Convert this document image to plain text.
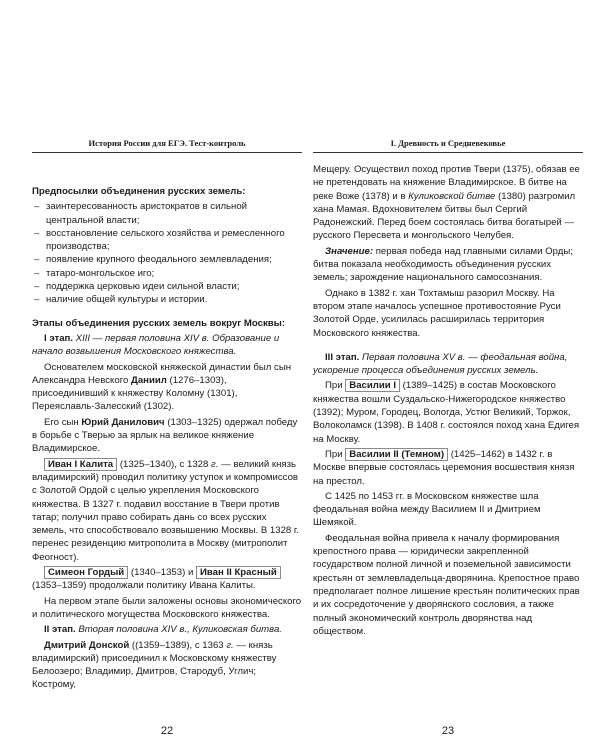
История России для ЕГЭ. Тест-контроль

Предпосылки объединения русских земель:

– заинтересованность аристократов в сильной центральной власти;
– восстановление сельского хозяйства и ремесленного производства;
– появление крупного феодального землевладения;
– татаро-монгольское иго;
– поддержка церковью идеи сильной власти;
– наличие общей культуры и истории.

Этапы объединения русских земель вокруг Москвы:

I этап. XIII — первая половина XIV в. Образование и начало возвышения Московского княжества.

Основателем московской княжеской династии был сын Александра Невского Даниил (1276–1303), присоединивший к княжеству Коломну (1301), Переяславль-Залесский (1302).

Его сын Юрий Данилович (1303–1325) одержал победу в борьбе с Тверью за ярлык на великое княжение Владимирское.

Иван I Калита (1325–1340), с 1328 г. — великий князь владимирский) проводил политику уступок и компромиссов с Золотой Ордой с целью укрепления Московского княжества. В 1327 г. подавил восстание в Твери против татар; получил право собирать дань со всех русских земель, что способствовало возвышению Москвы. В 1328 г. перенес резиденцию митрополита в Москву (митрополит Феогност).

Симеон Гордый (1340–1353) и Иван II Красный (1353–1359) продолжали политику Ивана Калиты.

На первом этапе были заложены основы экономического и политического могущества Московского княжества.

II этап. Вторая половина XIV в., Куликовская битва.

Дмитрий Донской ((1359–1389), с 1363 г. — князь владимирский) присоединил к Московскому княжеству Белоозеро; Владимир, Дмитров, Стародуб, Углич; Кострому,

22
I. Древность и Средневековье

Мещеру. Осуществил поход против Твери (1375), обязав ее не претендовать на княжение Владимирское. В битве на реке Воже (1378) и в Куликовской битве (1380) разгромил хана Мамая. Вдохновителем битвы был Сергий Радонежский. Перед боем состоялась битва богатырей — русского Пересвета и монгольского Челубея.

Значение: первая победа над главными силами Орды; битва показала необходимость объединения русских земель; зарождение национального самосознания.

Однако в 1382 г. хан Тохтамыш разорил Москву. На втором этапе началось успешное противостояние Руси Золотой Орде, усилилась расширилась территория Московского княжества.

III этап. Первая половина XV в. — феодальная война, ускорение процесса объединения русских земель.

При Василии I (1389–1425) в состав Московского княжества вошли Суздальско-Нижегородское княжество (1392); Муром, Городец, Вологда, Устюг Великий, Торжок, Волоколамск (1398). В 1408 г. состоялся поход хана Едигея на Москву.

При Василии II (Темном) (1425–1462) в 1432 г. в Москве впервые состоялась церемония восшествия князя на престол.

С 1425 по 1453 гг. в Московском княжестве шла феодальная война между Василием II и Дмитрием Шемякой.

Феодальная война привела к началу формирования крепостного права — юридически закрепленной государством полной личной и поземельной зависимости крестьян от землевладельца-дворянина. Крепостное право предполагает полное лишение крестьян политических прав и их сосредоточение у дворянского сословия, а также полный экономический контроль дворянства над обществом.

23
